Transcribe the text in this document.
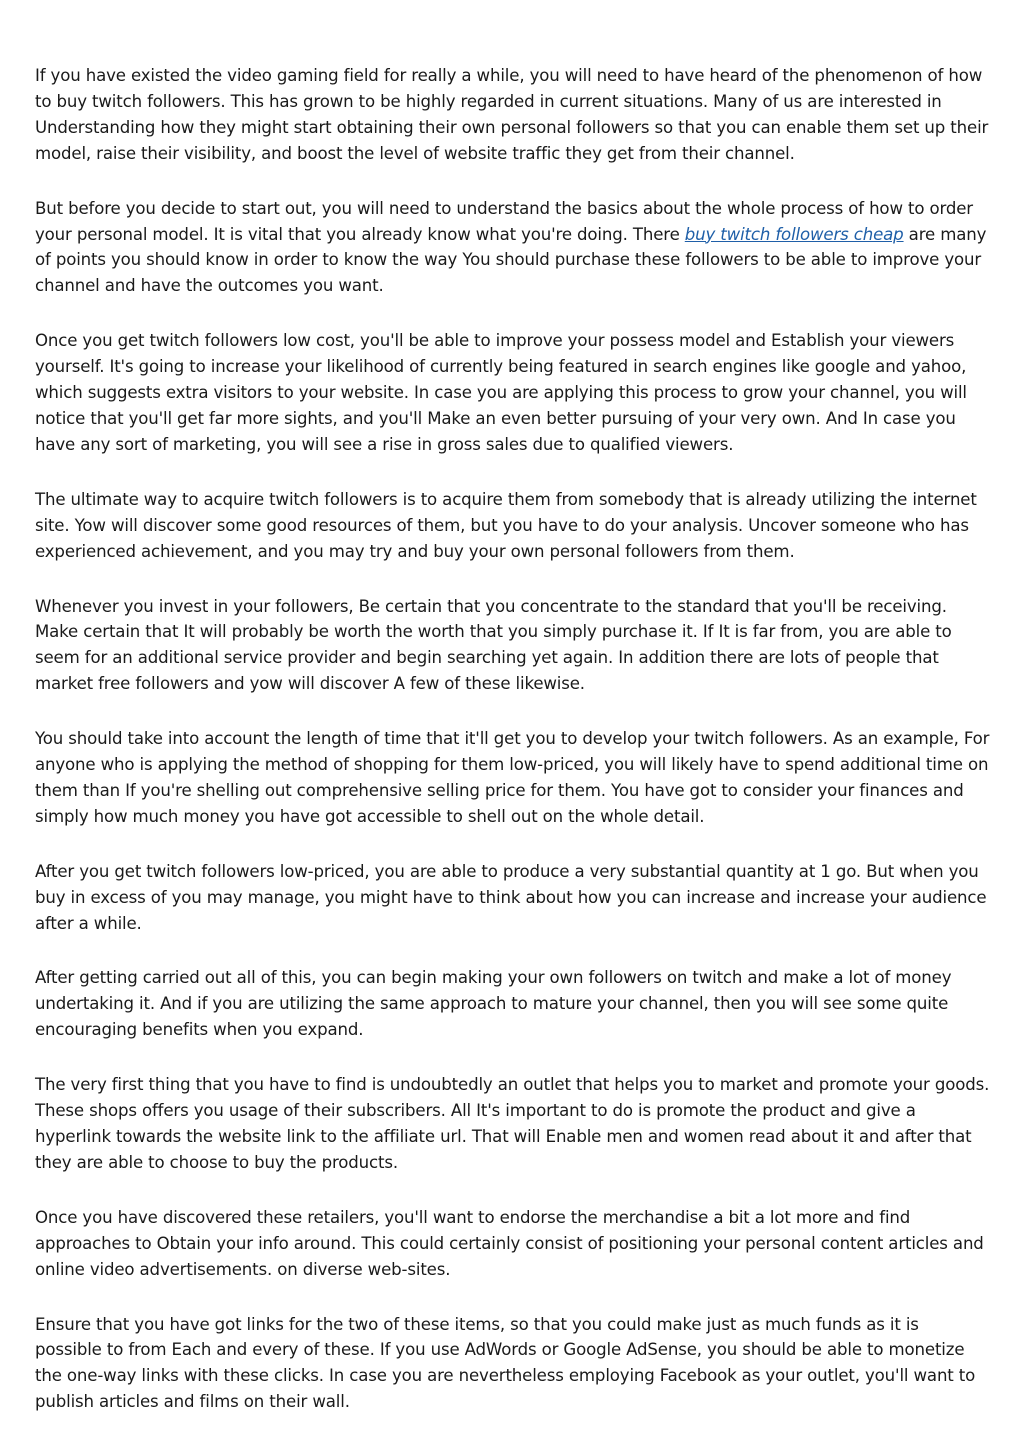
If you have existed the video gaming field for really a while, you will need to have heard of the phenomenon of how to buy twitch followers. This has grown to be highly regarded in current situations. Many of us are interested in Understanding how they might start obtaining their own personal followers so that you can enable them set up their model, raise their visibility, and boost the level of website traffic they get from their channel.

But before you decide to start out, you will need to understand the basics about the whole process of how to order your personal model. It is vital that you already know what you're doing. There buy twitch followers cheap are many of points you should know in order to know the way You should purchase these followers to be able to improve your channel and have the outcomes you want.

Once you get twitch followers low cost, you'll be able to improve your possess model and Establish your viewers yourself. It's going to increase your likelihood of currently being featured in search engines like google and yahoo, which suggests extra visitors to your website. In case you are applying this process to grow your channel, you will notice that you'll get far more sights, and you'll Make an even better pursuing of your very own. And In case you have any sort of marketing, you will see a rise in gross sales due to qualified viewers.

The ultimate way to acquire twitch followers is to acquire them from somebody that is already utilizing the internet site. Yow will discover some good resources of them, but you have to do your analysis. Uncover someone who has experienced achievement, and you may try and buy your own personal followers from them.

Whenever you invest in your followers, Be certain that you concentrate to the standard that you'll be receiving. Make certain that It will probably be worth the worth that you simply purchase it. If It is far from, you are able to seem for an additional service provider and begin searching yet again. In addition there are lots of people that market free followers and yow will discover A few of these likewise.

You should take into account the length of time that it'll get you to develop your twitch followers. As an example, For anyone who is applying the method of shopping for them low-priced, you will likely have to spend additional time on them than If you're shelling out comprehensive selling price for them. You have got to consider your finances and simply how much money you have got accessible to shell out on the whole detail.

After you get twitch followers low-priced, you are able to produce a very substantial quantity at 1 go. But when you buy in excess of you may manage, you might have to think about how you can increase and increase your audience after a while.

After getting carried out all of this, you can begin making your own followers on twitch and make a lot of money undertaking it. And if you are utilizing the same approach to mature your channel, then you will see some quite encouraging benefits when you expand.

The very first thing that you have to find is undoubtedly an outlet that helps you to market and promote your goods. These shops offers you usage of their subscribers. All It's important to do is promote the product and give a hyperlink towards the website link to the affiliate url. That will Enable men and women read about it and after that they are able to choose to buy the products.

Once you have discovered these retailers, you'll want to endorse the merchandise a bit a lot more and find approaches to Obtain your info around. This could certainly consist of positioning your personal content articles and online video advertisements. on diverse web-sites.

Ensure that you have got links for the two of these items, so that you could make just as much funds as it is possible to from Each and every of these. If you use AdWords or Google AdSense, you should be able to monetize the one-way links with these clicks. In case you are nevertheless employing Facebook as your outlet, you'll want to publish articles and films on their wall.
